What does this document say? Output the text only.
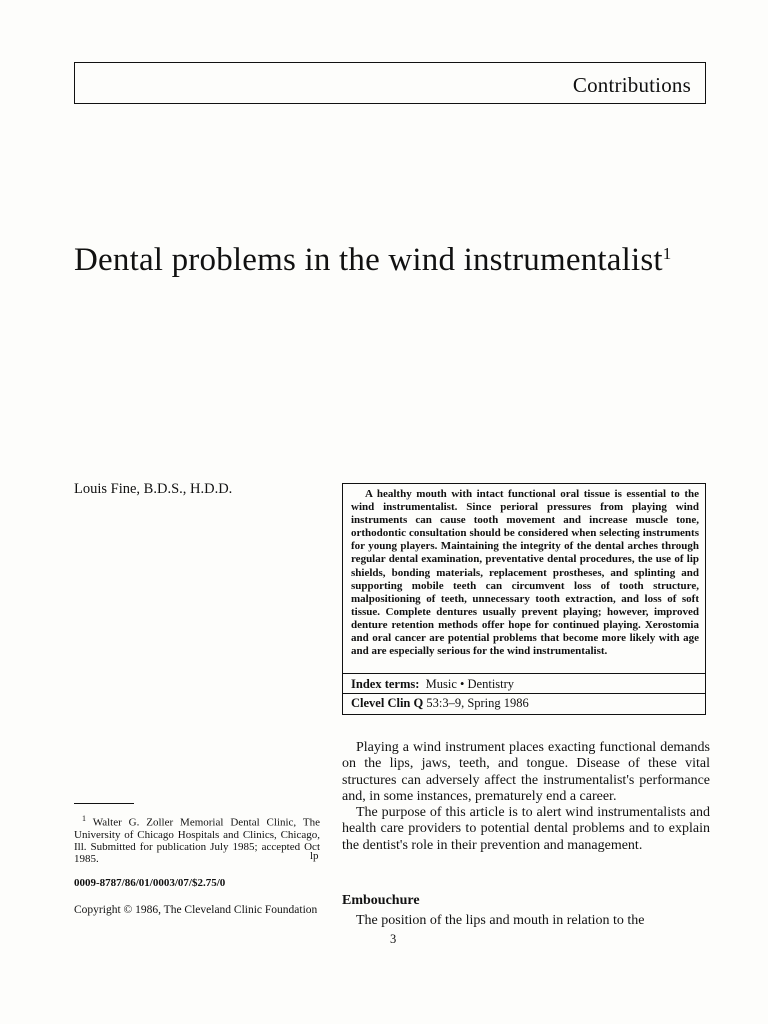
Contributions
Dental problems in the wind instrumentalist$^1$
Louis Fine, B.D.S., H.D.D.	A healthy mouth with intact functional oral tissue is essential to the wind instrumentalist. Since perioral pressures from playing wind instruments can cause tooth movement and increase muscle tone, orthodontic consultation should be considered when selecting instruments for young players. Maintaining the integrity of the dental arches through regular dental examination, preventative dental procedures, the use of lip shields, bonding materials, replacement prostheses, and splinting and supporting mobile teeth can circumvent loss of tooth structure, malpositioning of teeth, unnecessary tooth extraction, and loss of soft tissue. Complete dentures usually prevent playing; however, improved denture retention methods offer hope for continued playing. Xerostomia and oral cancer are potential problems that become more likely with age and are especially serious for the wind instrumentalist.
Index terms: Music • Dentistry
Clevel Clin Q 53:3–9, Spring 1986

Playing a wind instrument places exacting functional demands on the lips, jaws, teeth, and tongue. Disease of these vital structures can adversely affect the instrumentalist's performance and, in some instances, prematurely end a career.

The purpose of this article is to alert wind instrumentalists and health care providers to potential dental problems and to explain the dentist's role in their prevention and management.

Embouchure
The position of the lips and mouth in relation to the
$^1$ Walter G. Zoller Memorial Dental Clinic, The University of Chicago Hospitals and Clinics, Chicago, Ill. Submitted for publication July 1985; accepted Oct 1985.	lp
0009-8787/86/01/0003/07/$2.75/0
Copyright © 1986, The Cleveland Clinic Foundation
3
